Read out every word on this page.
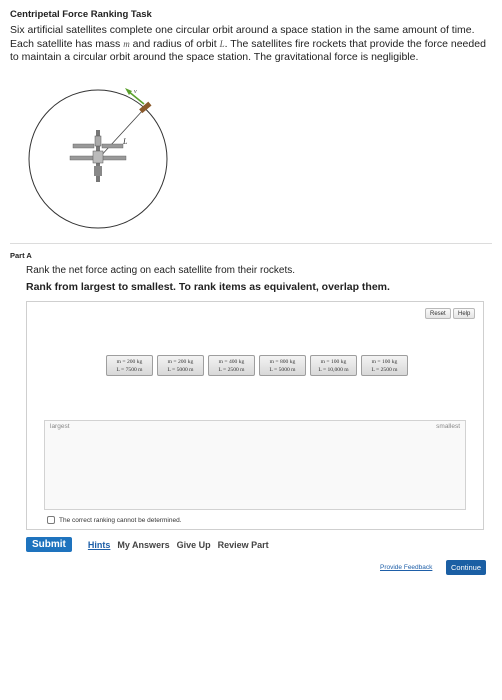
Centripetal Force Ranking Task
Six artificial satellites complete one circular orbit around a space station in the same amount of time. Each satellite has mass m and radius of orbit L. The satellites fire rockets that provide the force needed to maintain a circular orbit around the space station. The gravitational force is negligible.
L
v
Part A
Rank the net force acting on each satellite from their rockets.
Rank from largest to smallest. To rank items as equivalent, overlap them.
Reset	Help
m = 200 kg
L = 7500 m
m = 200 kg
L = 5000 m
m = 400 kg
L = 2500 m
m = 800 kg
L = 5000 m
m = 100 kg
L = 10,000 m
m = 100 kg
L = 2500 m
largest	smallest
The correct ranking cannot be determined.
Submit	Hints My Answers Give Up Review Part
Provide Feedback	Continue
